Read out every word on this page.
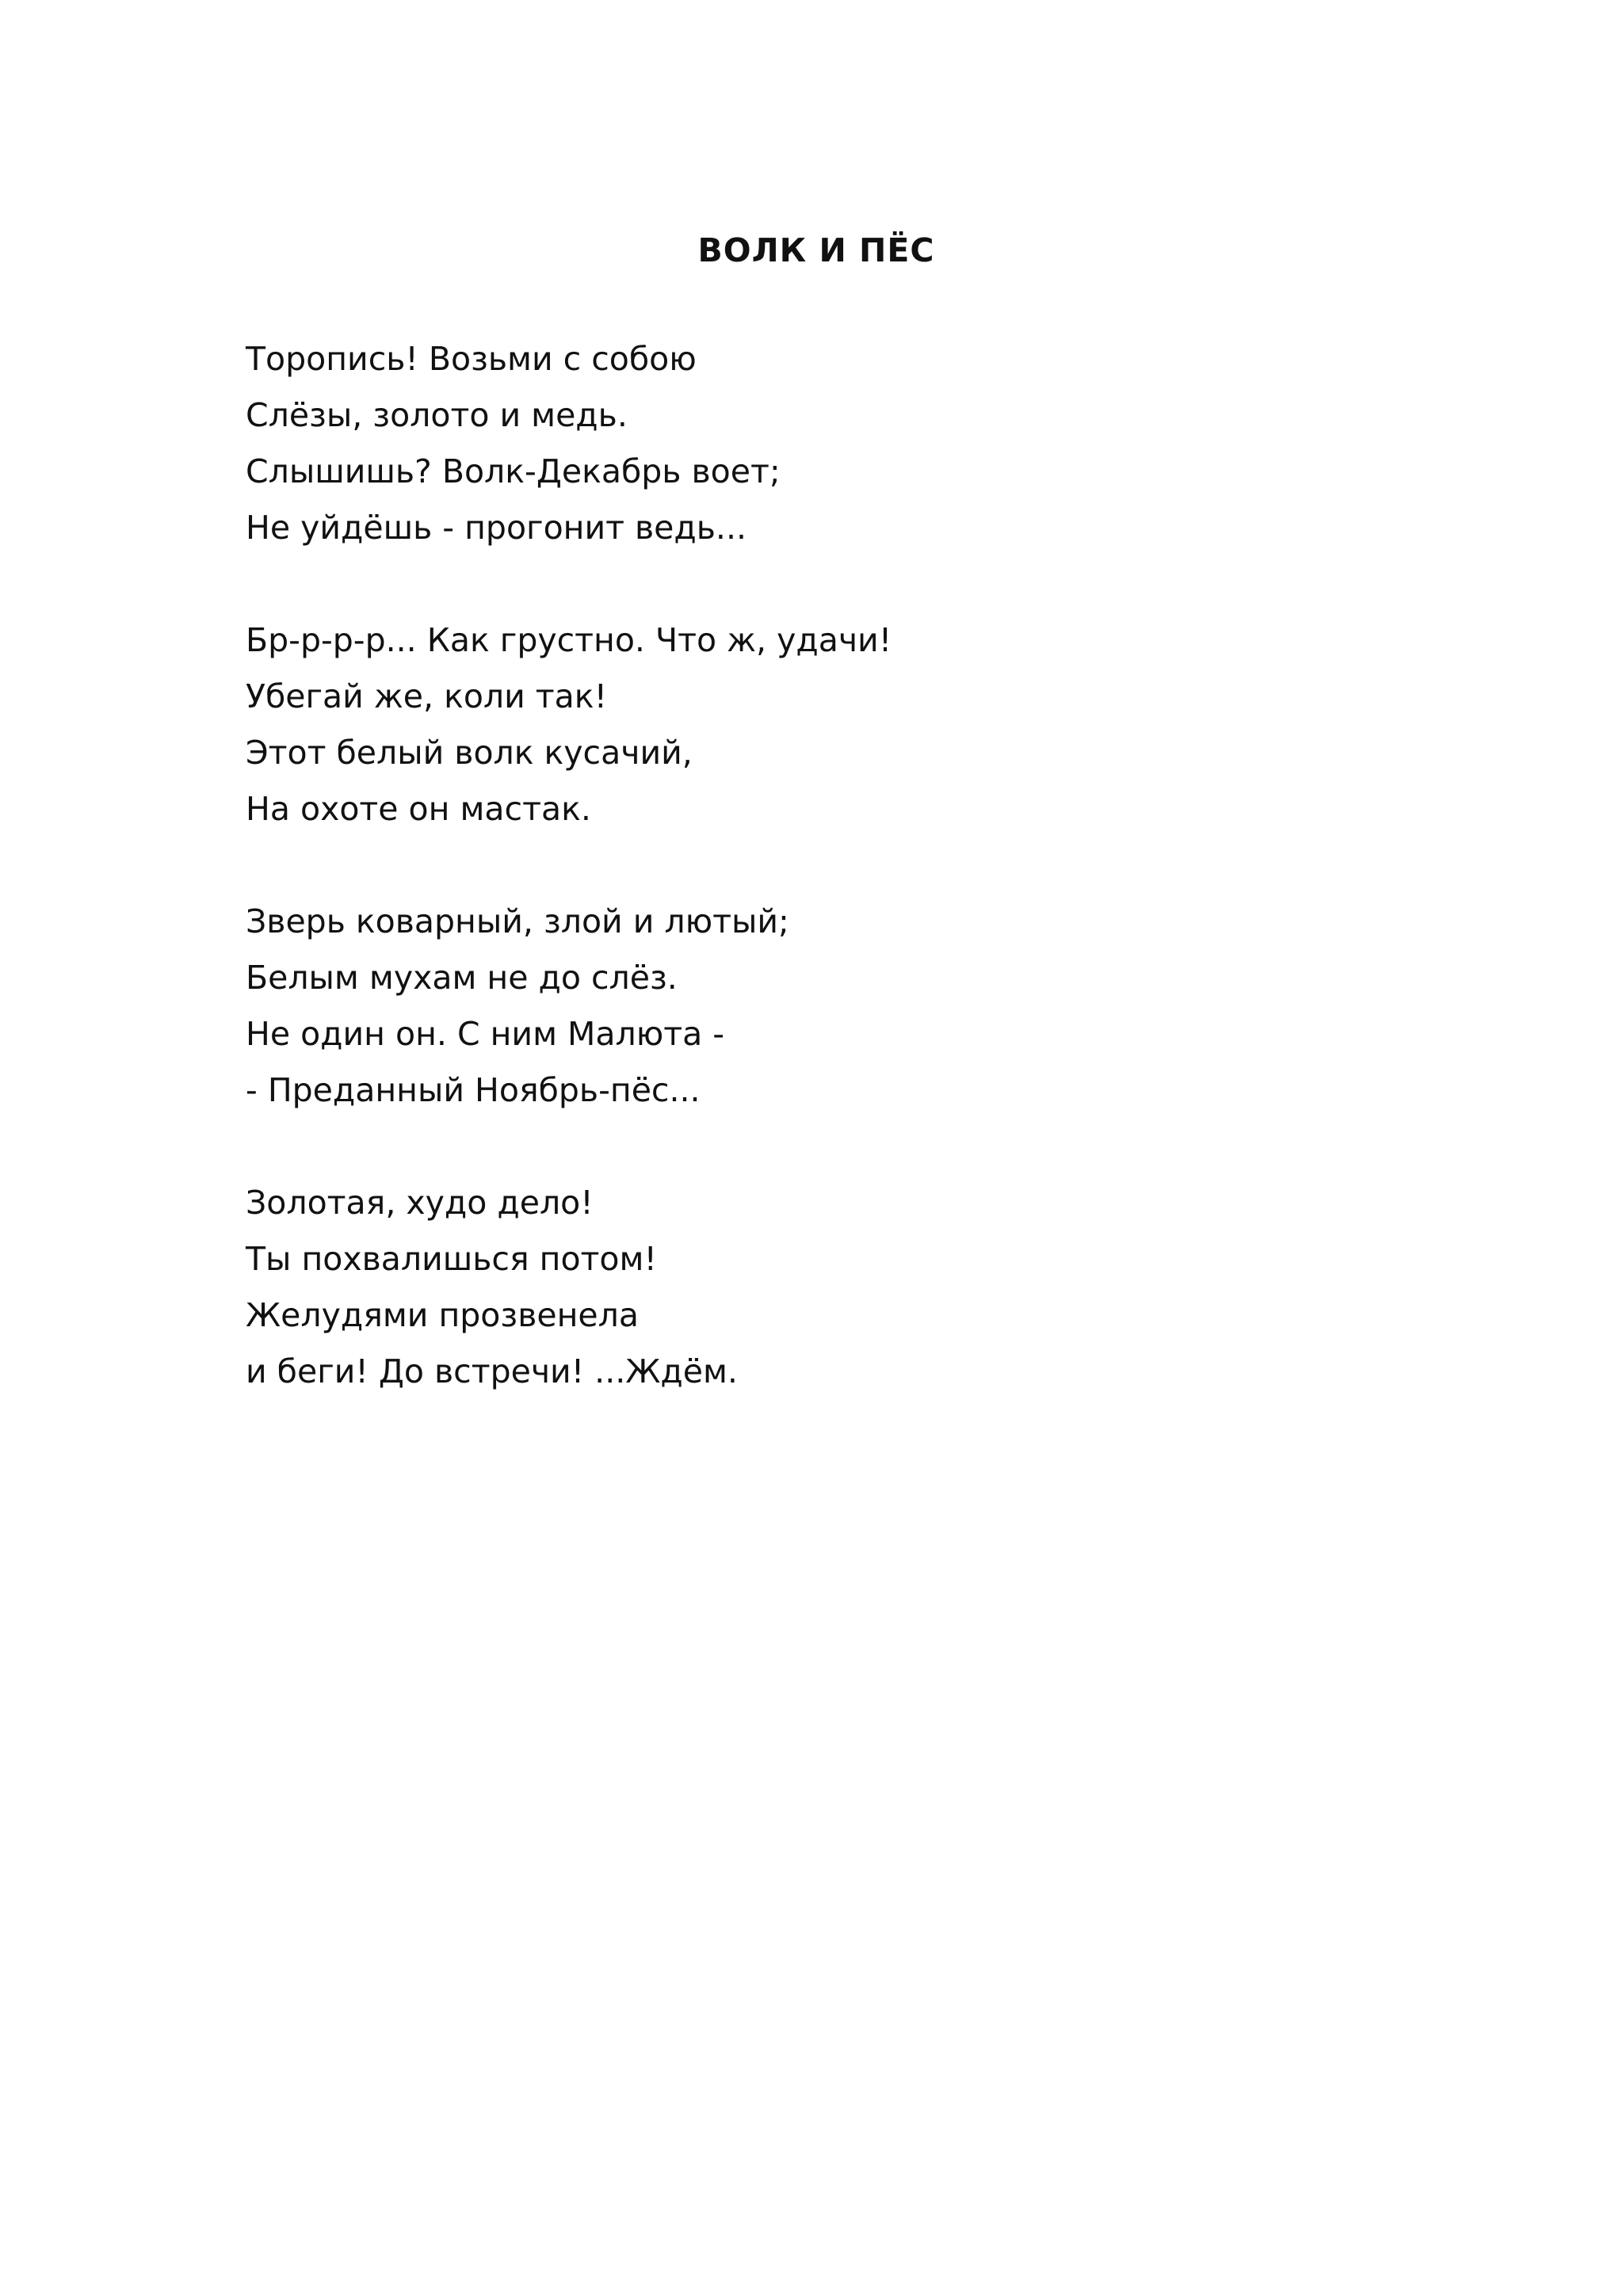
ВОЛК И ПЁС

Торопись! Возьми с собою

Слёзы, золото и медь.

Слышишь? Волк-Декабрь воет;

Не уйдёшь - прогонит ведь...

Бр-р-р-р... Как грустно. Что ж, удачи!

Убегай же, коли так!

Этот белый волк кусачий,

На охоте он мастак.

Зверь коварный, злой и лютый;

Белым мухам не до слёз.

Не один он. С ним Малюта -

- Преданный Ноябрь-пёс...

Золотая, худо дело!

Ты похвалишься потом!

Желудями прозвенела

и беги! До встречи! ...Ждём.
